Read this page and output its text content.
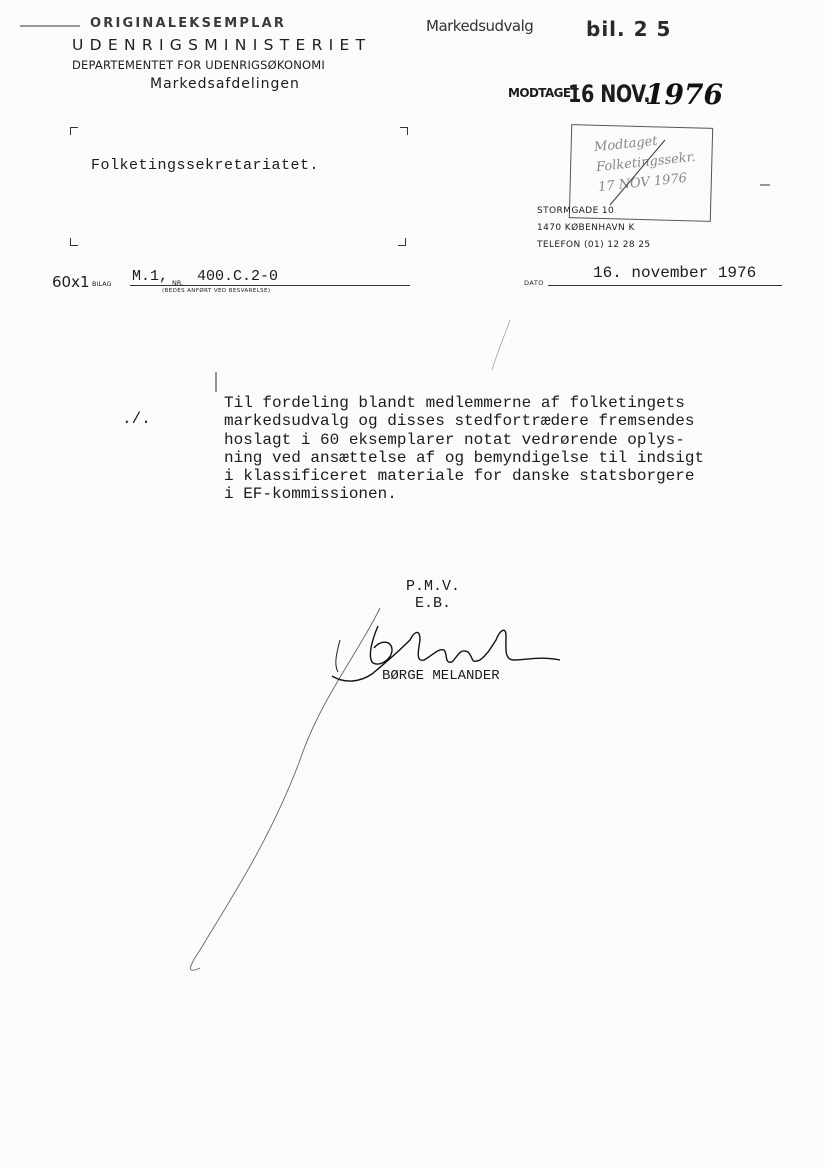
ORIGINALEKSEMPLAR
UDENRIGSMINISTERIET
DEPARTEMENTET FOR UDENRIGSØKONOMI
Markedsafdelingen
Markedsudvalg	bil. 2 5
MODTAGET
16 NOV.
1976
Modtaget
Folketingssekr.
17 NOV 1976
STORMGADE 10
1470 KØBENHAVN K
TELEFON (01) 12 28 25
Folketingssekretariatet.
60x1 BILAG M.1, NR. 400.C.2-0
(BEDES ANFØRT VED BESVARELSE)
DATO
16. november 1976
./.
Til fordeling blandt medlemmerne af folketingets
markedsudvalg og disses stedfortrædere fremsendes
hoslagt i 60 eksemplarer notat vedrørende oplys-
ning ved ansættelse af og bemyndigelse til indsigt
i klassificeret materiale for danske statsborgere
i EF-kommissionen.
P.M.V.
E.B.
BØRGE MELANDER
